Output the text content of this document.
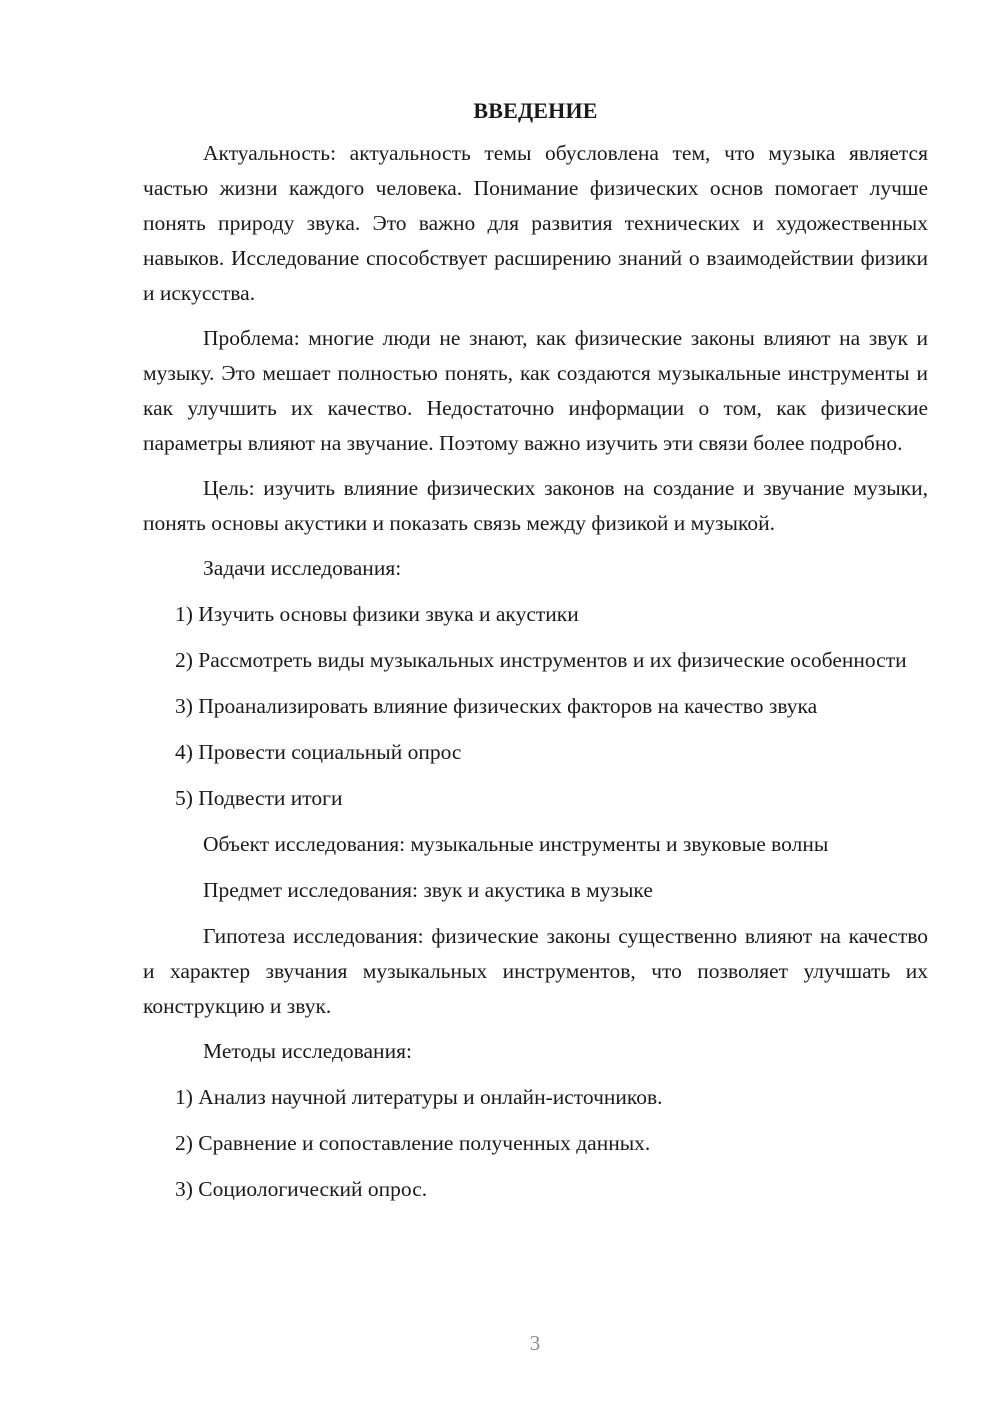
ВВЕДЕНИЕ

Актуальность: актуальность темы обусловлена тем, что музыка является частью жизни каждого человека. Понимание физических основ помогает лучше понять природу звука. Это важно для развития технических и художественных навыков. Исследование способствует расширению знаний о взаимодействии физики и искусства.

Проблема: многие люди не знают, как физические законы влияют на звук и музыку. Это мешает полностью понять, как создаются музыкальные инструменты и как улучшить их качество. Недостаточно информации о том, как физические параметры влияют на звучание. Поэтому важно изучить эти связи более подробно.

Цель: изучить влияние физических законов на создание и звучание музыки, понять основы акустики и показать связь между физикой и музыкой.

Задачи исследования:
1) Изучить основы физики звука и акустики
2) Рассмотреть виды музыкальных инструментов и их физические особенности
3) Проанализировать влияние физических факторов на качество звука
4) Провести социальный опрос
5) Подвести итоги
Объект исследования: музыкальные инструменты и звуковые волны
Предмет исследования: звук и акустика в музыке

Гипотеза исследования: физические законы существенно влияют на качество и характер звучания музыкальных инструментов, что позволяет улучшать их конструкцию и звук.

Методы исследования:
1) Анализ научной литературы и онлайн-источников.
2) Сравнение и сопоставление полученных данных.
3) Социологический опрос.
3
